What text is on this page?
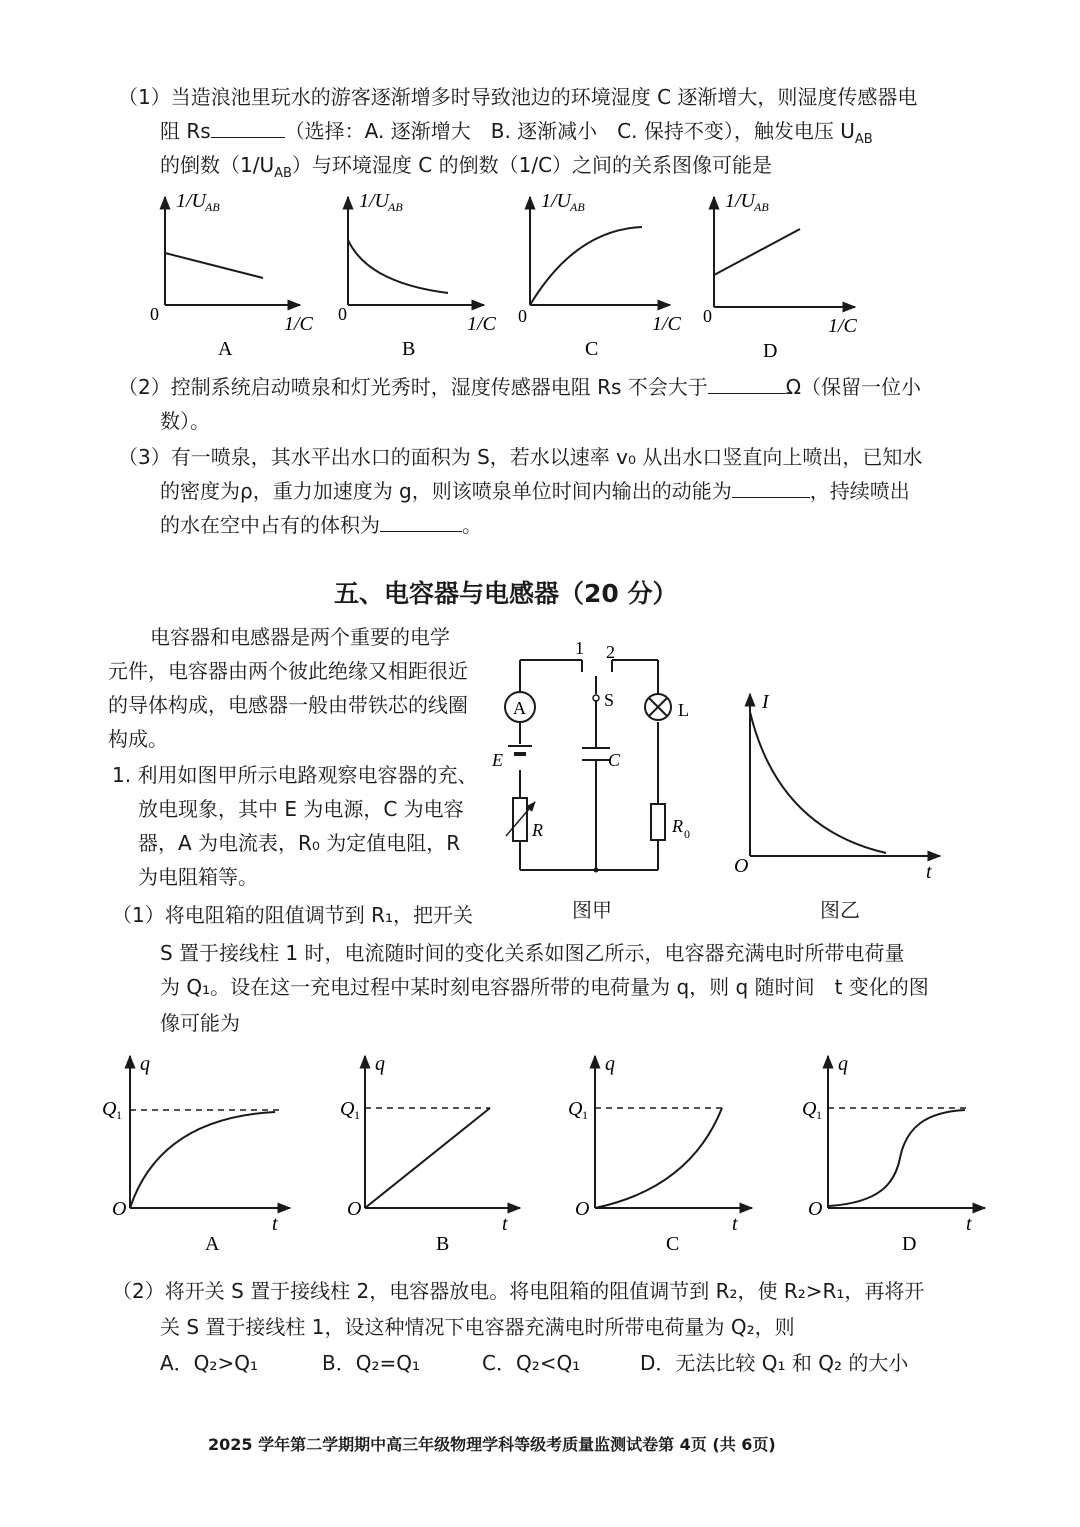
（1）当造浪池里玩水的游客逐渐增多时导致池边的环境湿度 C 逐渐增大，则湿度传感器电
阻 Rs	（选择：A. 逐渐增大　B. 逐渐减小　C. 保持不变），触发电压 $U_{AB}$
的倒数$(1/U_{AB})$与环境湿度 C 的倒数（1/C）之间的关系图像可能是
1/U AB
0	1/C
A
1/U AB
0	1/C
B
1/U AB
0	1/C
C
1/U AB
0	1/C
D
（2）控制系统启动喷泉和灯光秀时，湿度传感器电阻 Rs 不会大于	Ω（保留一位小
数）。
（3）有一喷泉，其水平出水口的面积为 S，若水以速率 v₀ 从出水口竖直向上喷出，已知水
的密度为ρ，重力加速度为 g，则该喷泉单位时间内输出的动能为	，持续喷出
的水在空中占有的体积为	。
五、电容器与电感器（20 分）
电容器和电感器是两个重要的电学
元件，电容器由两个彼此绝缘又相距很近
的导体构成，电感器一般由带铁芯的线圈
构成。
1. 利用如图甲所示电路观察电容器的充、
放电现象，其中 E 为电源，C 为电容
器，A 为电流表，R₀ 为定值电阻，R
为电阻箱等。
A
1 2
S	L
E	C
R	R 0
图甲
I
O	t
图乙
（1）将电阻箱的阻值调节到 R₁，把开关
S 置于接线柱 1 时，电流随时间的变化关系如图乙所示，电容器充满电时所带电荷量
为 Q₁。设在这一充电过程中某时刻电容器所带的电荷量为 q，则 q 随时间　t 变化的图
像可能为
q
Q 1
O
t
A
q
Q 1
O
t
B
q
Q 1
O
t
C
q
Q 1
O
t
D
（2）将开关 S 置于接线柱 2，电容器放电。将电阻箱的阻值调节到 R₂，使 R₂>R₁，再将开
关 S 置于接线柱 1，设这种情况下电容器充满电时所带电荷量为 Q₂，则
A．Q₂>Q₁	B．Q₂=Q₁	C．Q₂<Q₁	D．无法比较 Q₁ 和 Q₂ 的大小
2025 学年第二学期期中高三年级物理学科等级考质量监测试卷第 4页 (共 6页)
